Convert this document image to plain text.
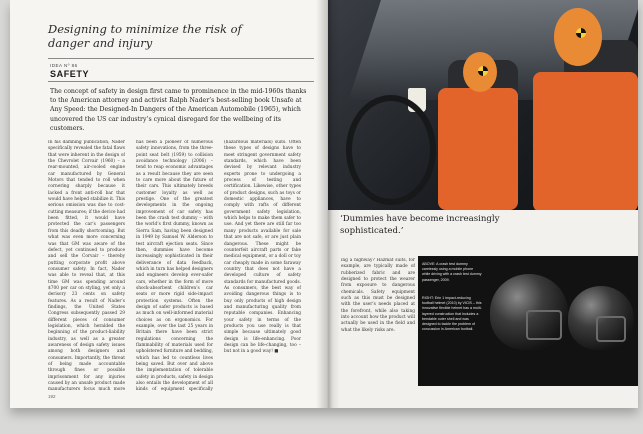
Designing to minimize the risk of danger and injury
IDEA Nº 86
SAFETY
The concept of safety in design first came to prominence in the mid-1960s thanks to the American attorney and activist Ralph Nader’s best-selling book Unsafe at Any Speed: the Designed-In Dangers of the American Automobile (1965), which uncovered the US car industry’s cynical disregard for the wellbeing of its customers.
In his damning publication, Nader specifically revealed the fatal flaws that were inherent in the design of the Chevrolet Corvair (1960) – a rear-mounted, air-cooled engine car manufactured by General Motors that tended to roll when cornering sharply because it lacked a front anti-roll bar that would have helped stabilize it. This serious omission was due to cost-cutting measures; if the device had been fitted, it would have protected the car’s passengers from this deadly shortcoming. But what was even more concerning was that GM was aware of the defect, yet continued to produce and sell the Corvair – thereby putting corporate profit above consumer safety. In fact, Nader was able to reveal that, at this time GM was spending around $700 per car on styling, yet only a derisory 23 cents on safety features. As a result of Nader’s findings, the United States Congress subsequently passed 29 different pieces of consumer legislation, which heralded the beginning of the product-liability industry, as well as a greater awareness of design safety issues among both designers and consumers. Importantly, the threat of being made accountable through fines or possible imprisonment for any injuries caused by an unsafe product made manufacturers focus much more
has been a pioneer of numerous safety innovations, from the three-point seat belt (1959) to collision avoidance technology (2006) – tend to reap economic advantages as a result because they are seen to care more about the future of their cars. This ultimately breeds customer loyalty as well as prestige. One of the greatest developments in the ongoing improvement of car safety has been the crash test dummy – with the world’s first dummy, known as Sierra Sam, having been designed in 1949 by Samuel W. Alderson to test aircraft ejection seats. Since then, dummies have become increasingly sophisticated in their deliverance of data feedback, which in turn has helped designers and engineers develop ever-safer cars, whether in the form of more shock-absorbent children’s car seats or more rigid side-impact protection systems. Often the design of safer products is based as much on well-informed material choices as on ergonomics. For example, over the last 25 years in Britain there have been strict regulations concerning the flammability of materials used for upholstered furniture and bedding, which has led to countless lives being saved. But over and above the implementation of tolerable safety in products, safety in design also entails the development of all kinds of equipment specifically
(hazardous materials) suits. Often these types of designs have to meet stringent government safety standards, which have been devised by relevant industry experts prone to undergoing a process of testing and certification. Likewise, other types of product designs, such as toys or domestic appliances, have to comply with rafts of different government safety legislation, which helps to make them safer to use. And yet there are still far too many products available for sale that are not safe, or are just plain dangerous. These might be counterfeit aircraft parts or fake medical equipment, or a doll or toy car cheaply made in some faraway country that does not have a developed culture of safety standards for manufactured goods. As consumers, the best way of avoiding dangerous things is to buy only products of high design and manufacturing quality from reputable companies. Enhancing your safety in terms of the products you use really is that simple because ultimately good design is life-enhancing. Poor design can be life-changing, too – but not in a good way! ■
192
‘Dummies have become increasingly sophisticated.’
ing a highway? Hazmat suits, for example, are typically made of rubberized fabric and are designed to protect the wearer from exposure to dangerous chemicals. Safety equipment such as this must be designed with the user’s needs placed at the forefront, while also taking into account how the product will actually be used in the field and what the likely risks are.
ABOVE: A crash test dummy carelessly using a mobile phone while driving with a crash test dummy passenger, 2009.
RIGHT: Erin 1 impact-reducing football helmet (2010) by VICIS – this innovative flexible helmet has a multi-layered construction that includes a bendable outer shell and was designed to tackle the problem of concussion in American football.
